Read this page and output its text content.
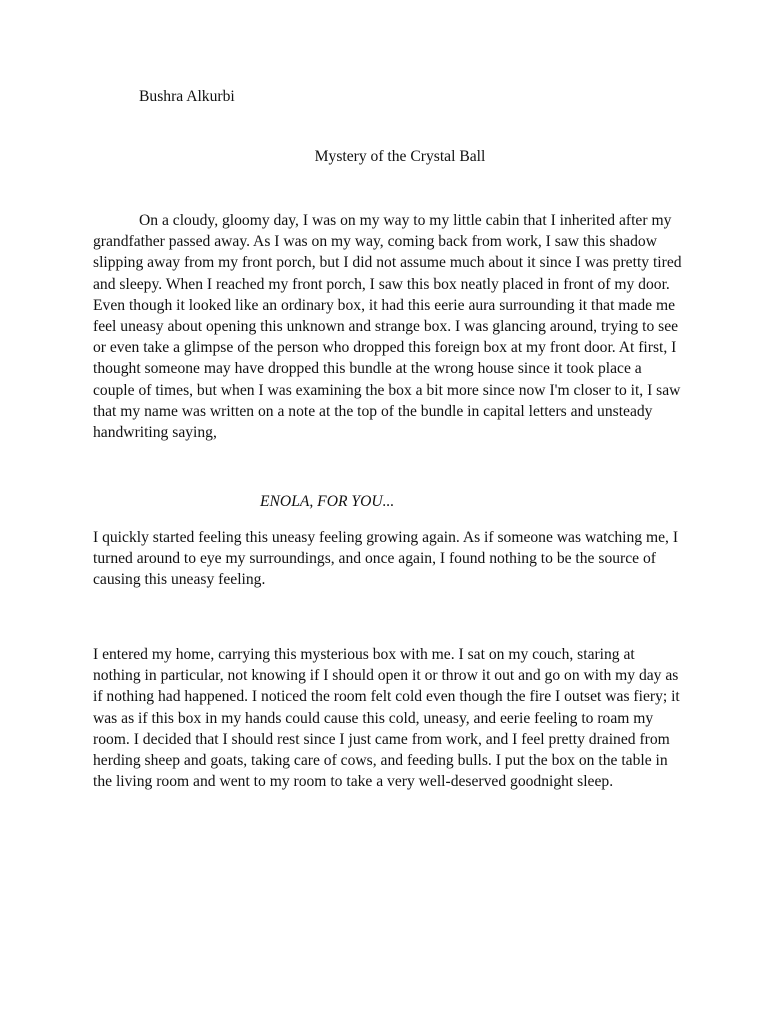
Bushra Alkurbi

Mystery of the Crystal Ball

On a cloudy, gloomy day, I was on my way to my little cabin that I inherited after my grandfather passed away. As I was on my way, coming back from work, I saw this shadow slipping away from my front porch, but I did not assume much about it since I was pretty tired and sleepy. When I reached my front porch, I saw this box neatly placed in front of my door. Even though it looked like an ordinary box, it had this eerie aura surrounding it that made me feel uneasy about opening this unknown and strange box. I was glancing around, trying to see or even take a glimpse of the person who dropped this foreign box at my front door. At first, I thought someone may have dropped this bundle at the wrong house since it took place a couple of times, but when I was examining the box a bit more since now I'm closer to it, I saw that my name was written on a note at the top of the bundle in capital letters and unsteady handwriting saying,

ENOLA, FOR YOU...

I quickly started feeling this uneasy feeling growing again. As if someone was watching me, I turned around to eye my surroundings, and once again, I found nothing to be the source of causing this uneasy feeling.

I entered my home, carrying this mysterious box with me. I sat on my couch, staring at nothing in particular, not knowing if I should open it or throw it out and go on with my day as if nothing had happened. I noticed the room felt cold even though the fire I outset was fiery; it was as if this box in my hands could cause this cold, uneasy, and eerie feeling to roam my room. I decided that I should rest since I just came from work, and I feel pretty drained from herding sheep and goats, taking care of cows, and feeding bulls. I put the box on the table in the living room and went to my room to take a very well-deserved goodnight sleep.
